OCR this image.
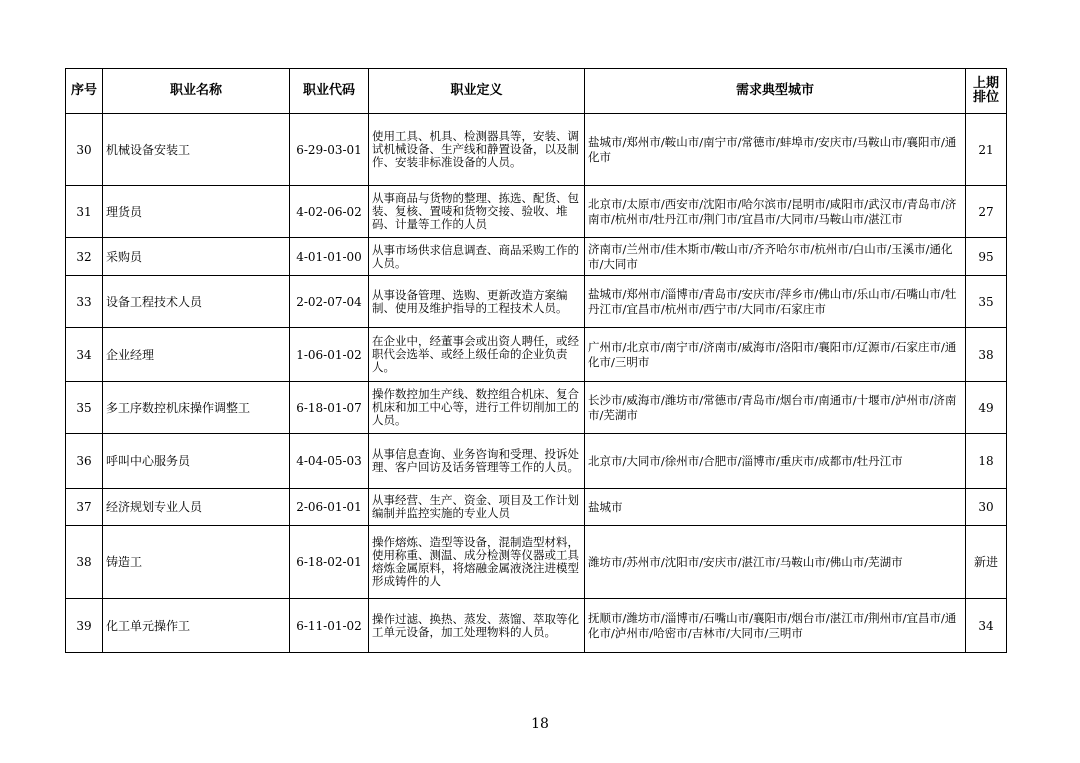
序号	职业名称	职业代码	职业定义	需求典型城市	上期排位
30	机械设备安装工	6-29-03-01	使用工具、机具、检测器具等，安装、调试机械设备、生产线和静置设备，以及制作、安装非标准设备的人员。	盐城市/郑州市/鞍山市/南宁市/常德市/蚌埠市/安庆市/马鞍山市/襄阳市/通化市	21
31	理货员	4-02-06-02	从事商品与货物的整理、拣选、配货、包装、复核、置唛和货物交接、验收、堆码、计量等工作的人员	北京市/太原市/西安市/沈阳市/哈尔滨市/昆明市/咸阳市/武汉市/青岛市/济南市/杭州市/牡丹江市/荆门市/宜昌市/大同市/马鞍山市/湛江市	27
32	采购员	4-01-01-00	从事市场供求信息调查、商品采购工作的人员。	济南市/兰州市/佳木斯市/鞍山市/齐齐哈尔市/杭州市/白山市/玉溪市/通化市/大同市	95
33	设备工程技术人员	2-02-07-04	从事设备管理、选购、更新改造方案编制、使用及维护指导的工程技术人员。	盐城市/郑州市/淄博市/青岛市/安庆市/萍乡市/佛山市/乐山市/石嘴山市/牡丹江市/宜昌市/杭州市/西宁市/大同市/石家庄市	35
34	企业经理	1-06-01-02	在企业中，经董事会或出资人聘任，或经职代会选举、或经上级任命的企业负责人。	广州市/北京市/南宁市/济南市/威海市/洛阳市/襄阳市/辽源市/石家庄市/通化市/三明市	38
35	多工序数控机床操作调整工	6-18-01-07	操作数控加生产线、数控组合机床、复合机床和加工中心等，进行工件切削加工的人员。	长沙市/威海市/潍坊市/常德市/青岛市/烟台市/南通市/十堰市/泸州市/济南市/芜湖市	49
36	呼叫中心服务员	4-04-05-03	从事信息查询、业务咨询和受理、投诉处理、客户回访及话务管理等工作的人员。	北京市/大同市/徐州市/合肥市/淄博市/重庆市/成都市/牡丹江市	18
37	经济规划专业人员	2-06-01-01	从事经营、生产、资金、项目及工作计划编制并监控实施的专业人员	盐城市	30
38	铸造工	6-18-02-01	操作熔炼、造型等设备，混制造型材料，使用称重、测温、成分检测等仪器或工具熔炼金属原料，将熔融金属液浇注进模型形成铸件的人	潍坊市/苏州市/沈阳市/安庆市/湛江市/马鞍山市/佛山市/芜湖市	新进
39	化工单元操作工	6-11-01-02	操作过滤、换热、蒸发、蒸馏、萃取等化工单元设备，加工处理物料的人员。	抚顺市/潍坊市/淄博市/石嘴山市/襄阳市/烟台市/湛江市/荆州市/宜昌市/通化市/泸州市/哈密市/吉林市/大同市/三明市	34
18
